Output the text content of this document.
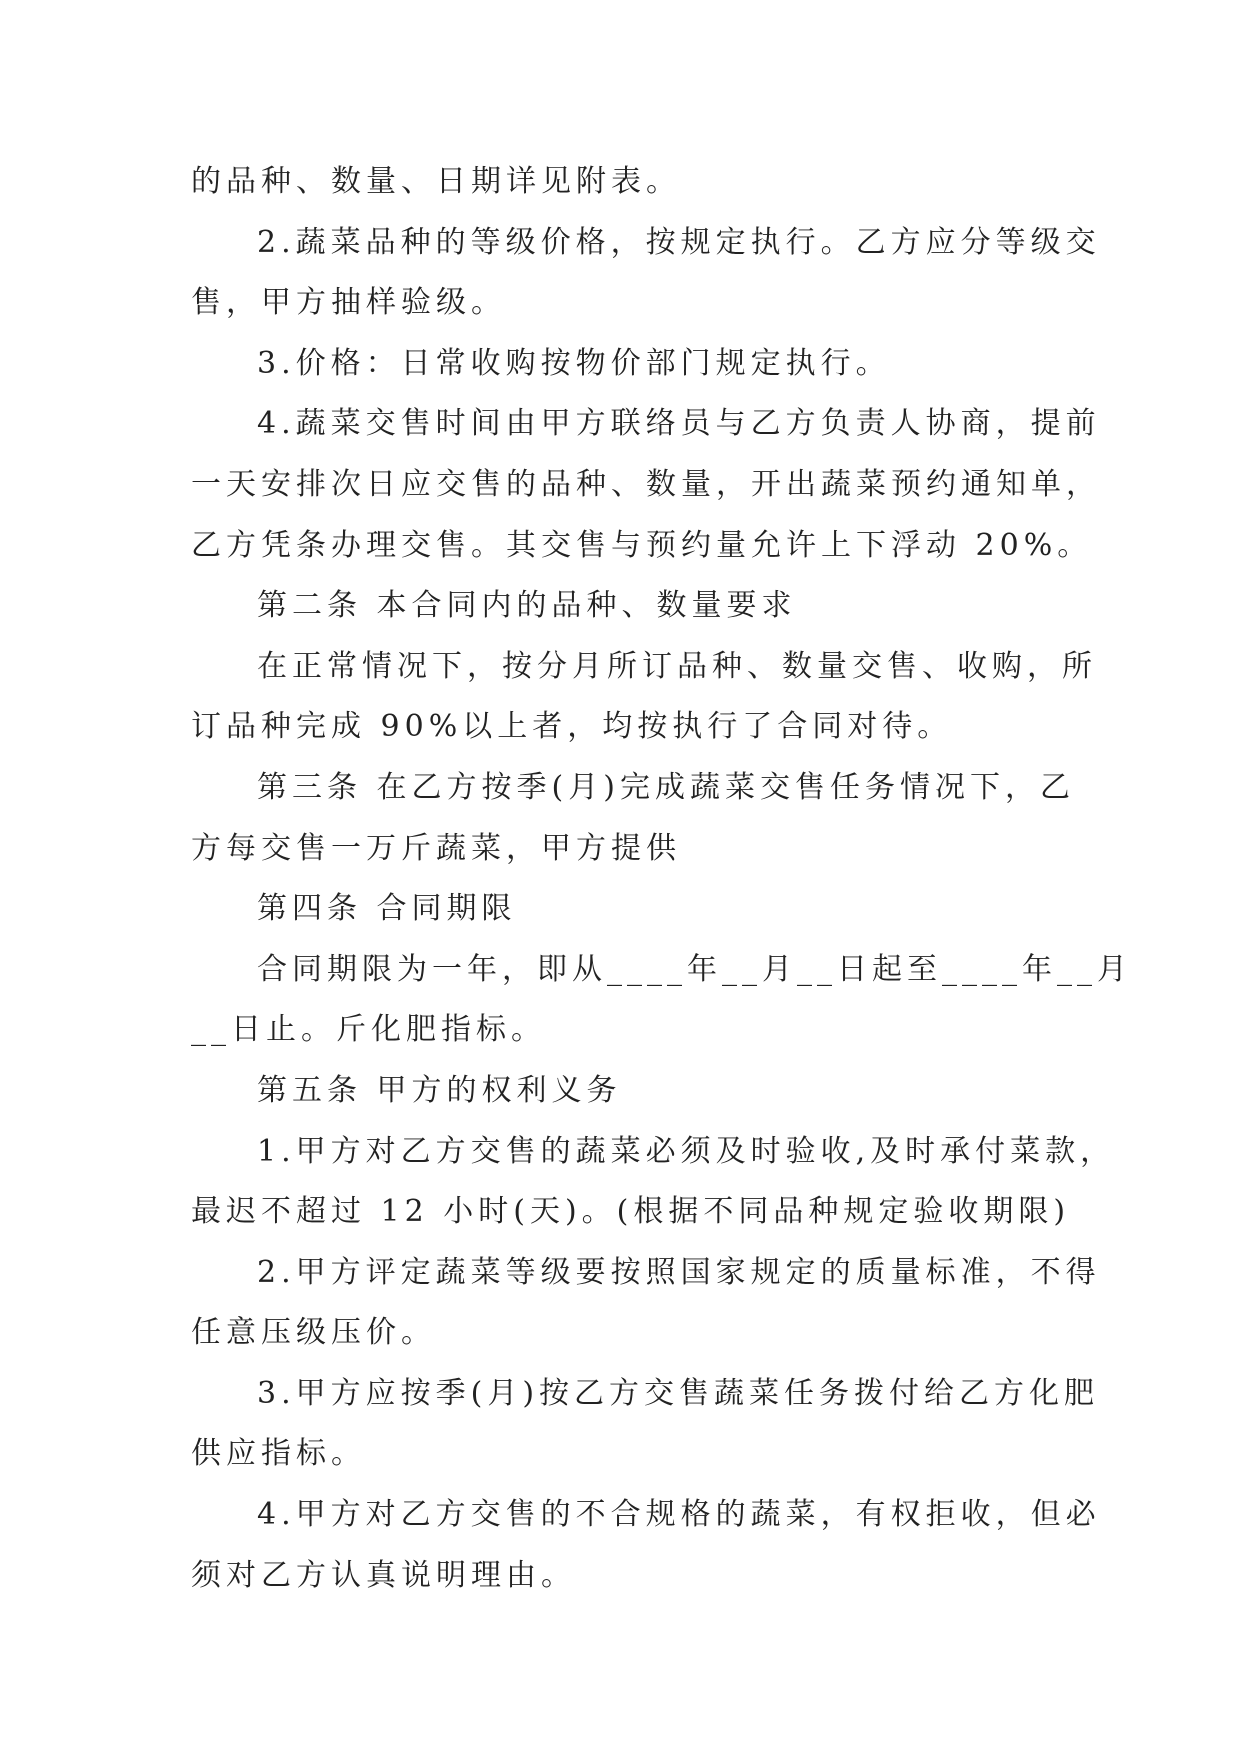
的品种、数量、日期详见附表。
2.蔬菜品种的等级价格，按规定执行。乙方应分等级交
售，甲方抽样验级。
3.价格：日常收购按物价部门规定执行。
4.蔬菜交售时间由甲方联络员与乙方负责人协商，提前
一天安排次日应交售的品种、数量，开出蔬菜预约通知单，
乙方凭条办理交售。其交售与预约量允许上下浮动 20%。
第二条 本合同内的品种、数量要求
在正常情况下，按分月所订品种、数量交售、收购，所
订品种完成 90%以上者，均按执行了合同对待。
第三条 在乙方按季(月)完成蔬菜交售任务情况下，乙
方每交售一万斤蔬菜，甲方提供
第四条 合同期限
合同期限为一年，即从____年__月__日起至____年__月
__日止。斤化肥指标。
第五条 甲方的权利义务
1.甲方对乙方交售的蔬菜必须及时验收,及时承付菜款，
最迟不超过 12 小时(天)。(根据不同品种规定验收期限)
2.甲方评定蔬菜等级要按照国家规定的质量标准，不得
任意压级压价。
3.甲方应按季(月)按乙方交售蔬菜任务拨付给乙方化肥
供应指标。
4.甲方对乙方交售的不合规格的蔬菜，有权拒收，但必
须对乙方认真说明理由。
